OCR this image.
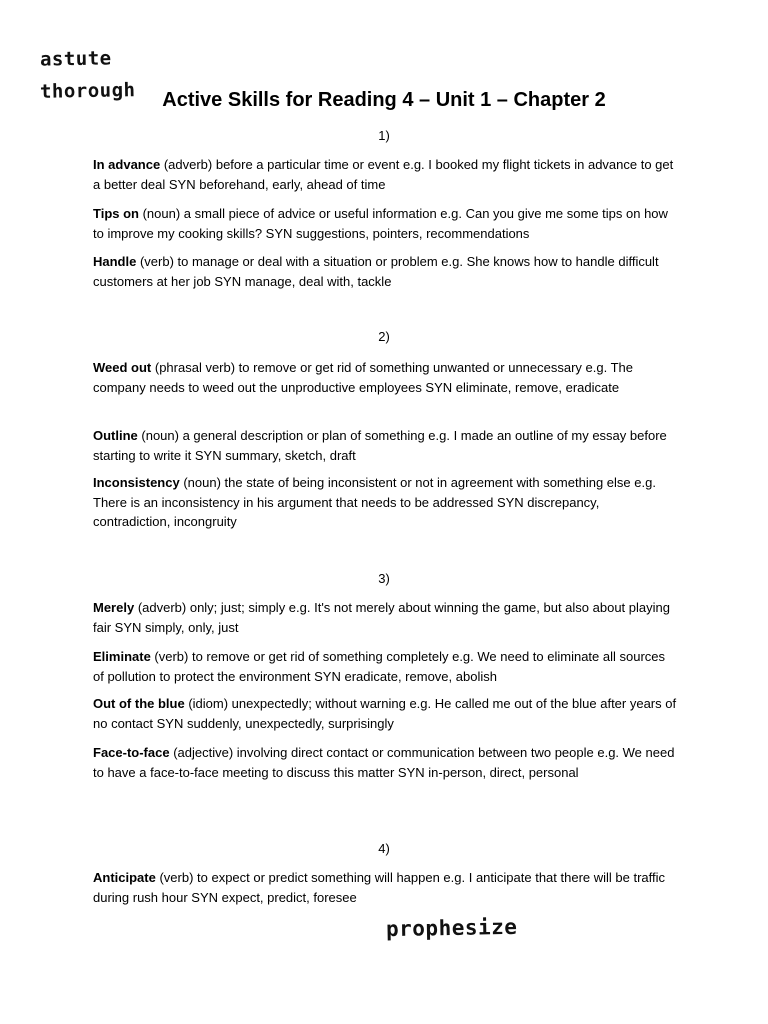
astute
thorough	Active Skills for Reading 4 – Unit 1 – Chapter 2

1)

In advance (adverb) before a particular time or event e.g. I booked my flight tickets in advance to get a better deal SYN beforehand, early, ahead of time

Tips on (noun) a small piece of advice or useful information e.g. Can you give me some tips on how to improve my cooking skills? SYN suggestions, pointers, recommendations

Handle (verb) to manage or deal with a situation or problem e.g. She knows how to handle difficult customers at her job SYN manage, deal with, tackle

2)

Weed out (phrasal verb) to remove or get rid of something unwanted or unnecessary e.g. The company needs to weed out the unproductive employees SYN eliminate, remove, eradicate

Outline (noun) a general description or plan of something e.g. I made an outline of my essay before starting to write it SYN summary, sketch, draft

Inconsistency (noun) the state of being inconsistent or not in agreement with something else e.g. There is an inconsistency in his argument that needs to be addressed SYN discrepancy, contradiction, incongruity

3)

Merely (adverb) only; just; simply e.g. It's not merely about winning the game, but also about playing fair SYN simply, only, just

Eliminate (verb) to remove or get rid of something completely e.g. We need to eliminate all sources of pollution to protect the environment SYN eradicate, remove, abolish

Out of the blue (idiom) unexpectedly; without warning e.g. He called me out of the blue after years of no contact SYN suddenly, unexpectedly, surprisingly

Face-to-face (adjective) involving direct contact or communication between two people e.g. We need to have a face-to-face meeting to discuss this matter SYN in-person, direct, personal

4)

Anticipate (verb) to expect or predict something will happen e.g. I anticipate that there will be traffic during rush hour SYN expect, predict, foresee

prophesize
